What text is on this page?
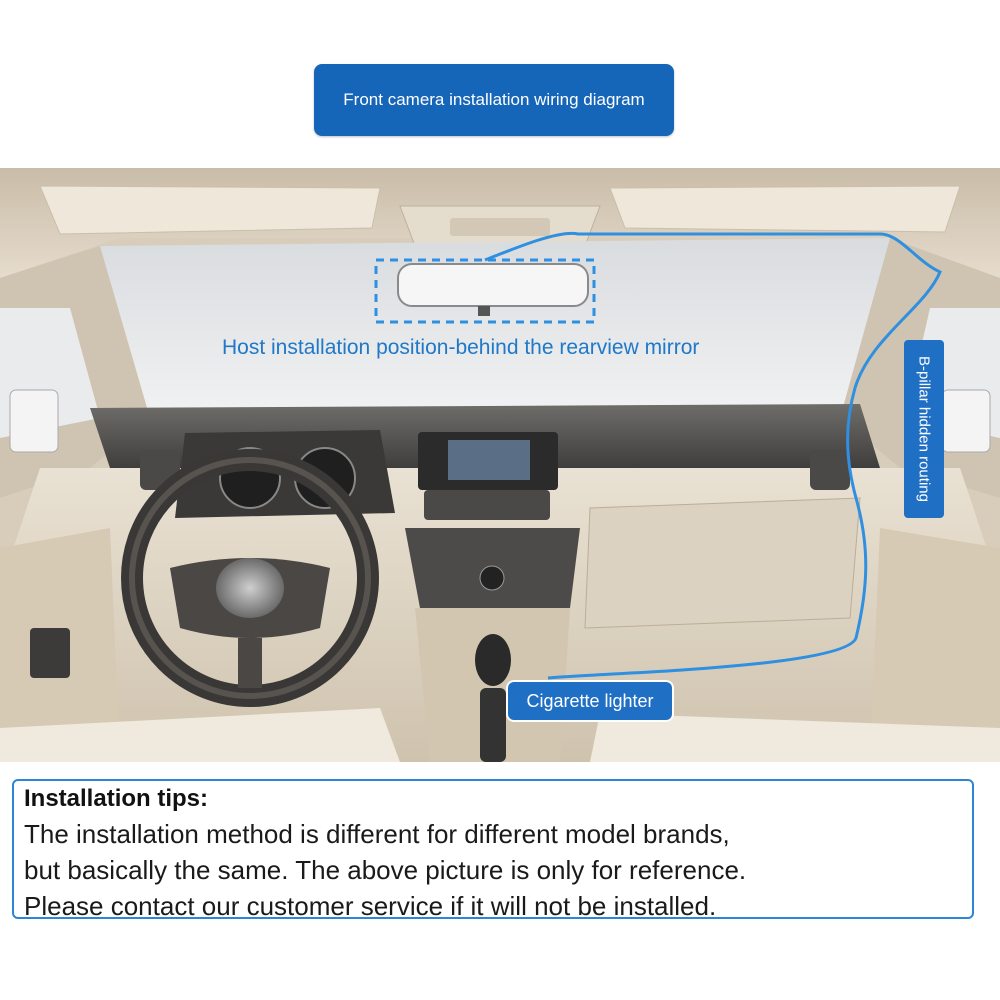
Front camera installation wiring diagram
Host installation position-behind the rearview mirror
B-pillar hidden routing
Cigarette lighter
Installation tips:
The installation method is different for different model brands,
but basically the same. The above picture is only for reference.
Please contact our customer service if it will not be installed.
